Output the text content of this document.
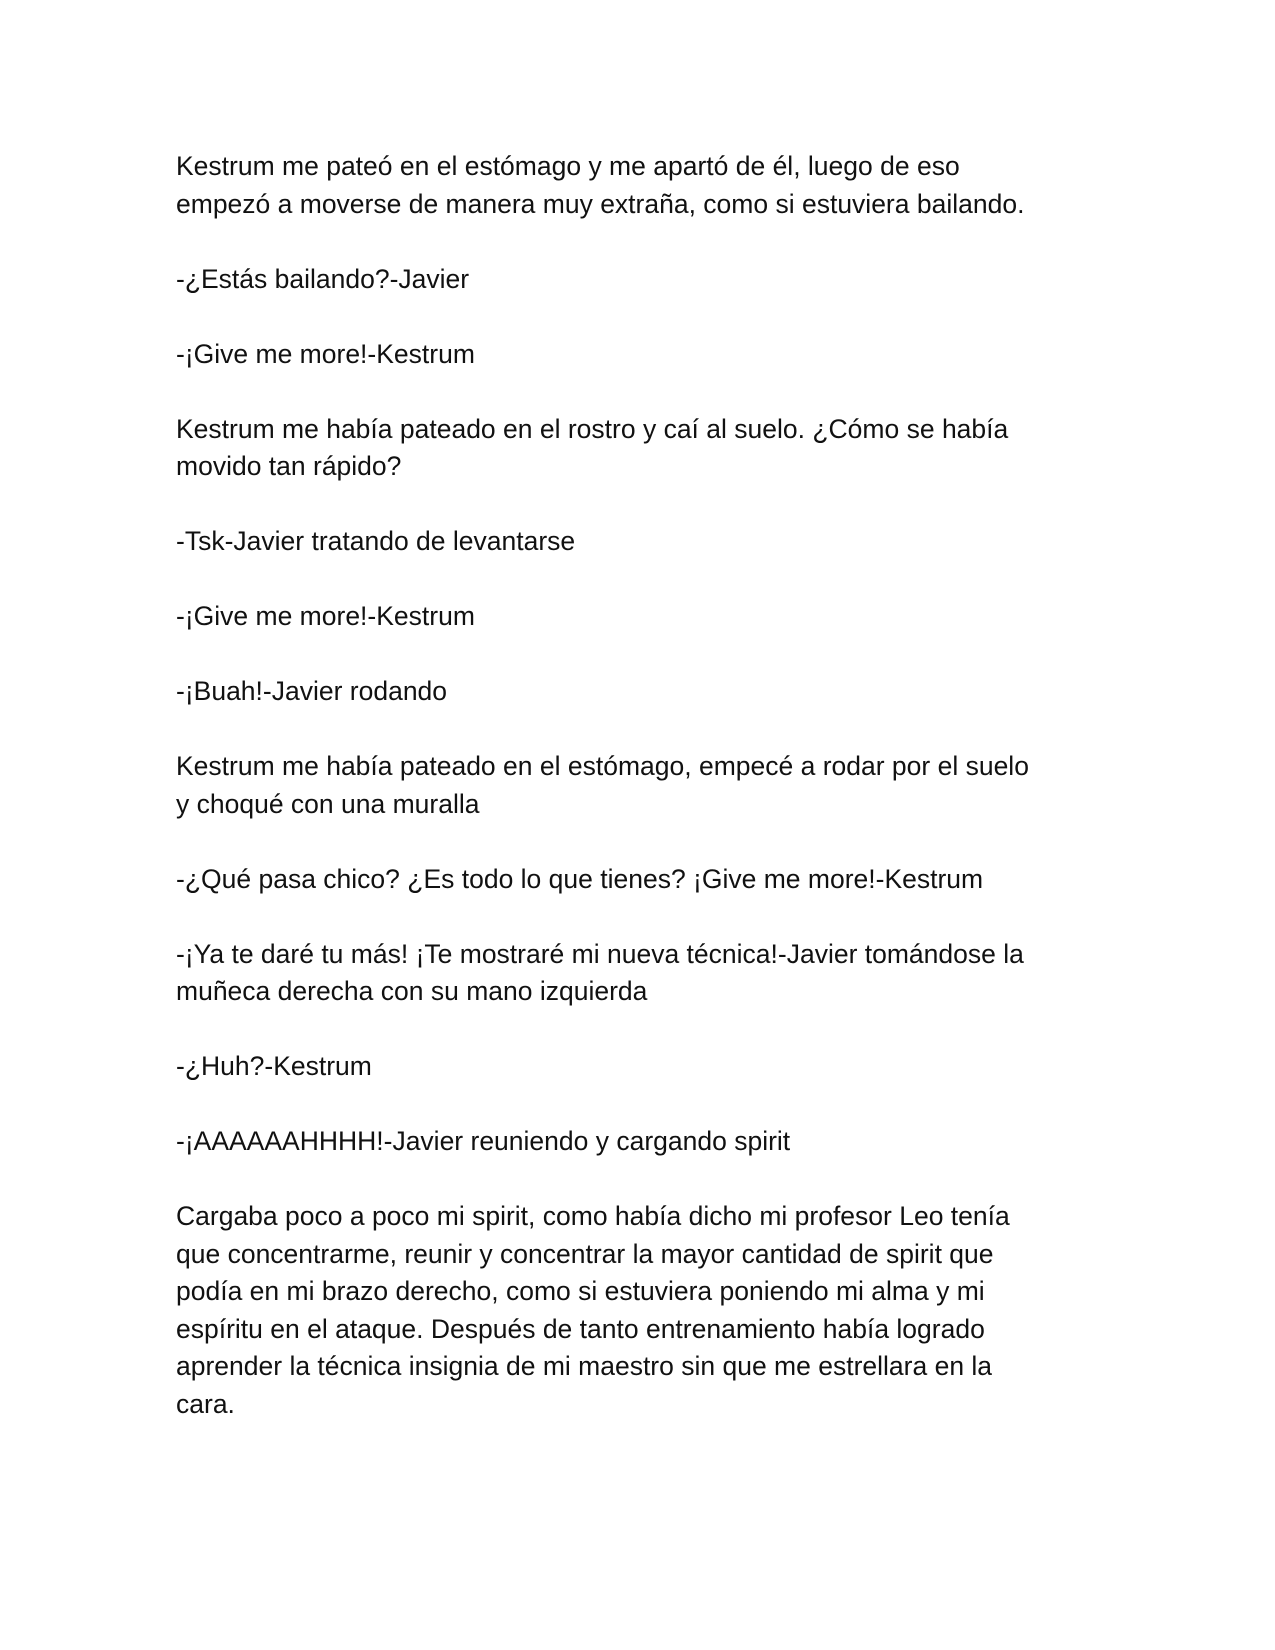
Kestrum me pateó en el estómago y me apartó de él, luego de eso
empezó a moverse de manera muy extraña, como si estuviera bailando.

-¿Estás bailando?-Javier

-¡Give me more!-Kestrum

Kestrum me había pateado en el rostro y caí al suelo. ¿Cómo se había
movido tan rápido?

-Tsk-Javier tratando de levantarse

-¡Give me more!-Kestrum

-¡Buah!-Javier rodando

Kestrum me había pateado en el estómago, empecé a rodar por el suelo
y choqué con una muralla

-¿Qué pasa chico? ¿Es todo lo que tienes? ¡Give me more!-Kestrum

-¡Ya te daré tu más! ¡Te mostraré mi nueva técnica!-Javier tomándose la
muñeca derecha con su mano izquierda

-¿Huh?-Kestrum

-¡AAAAAAHHHH!-Javier reuniendo y cargando spirit

Cargaba poco a poco mi spirit, como había dicho mi profesor Leo tenía
que concentrarme, reunir y concentrar la mayor cantidad de spirit que
podía en mi brazo derecho, como si estuviera poniendo mi alma y mi
espíritu en el ataque. Después de tanto entrenamiento había logrado
aprender la técnica insignia de mi maestro sin que me estrellara en la
cara.
